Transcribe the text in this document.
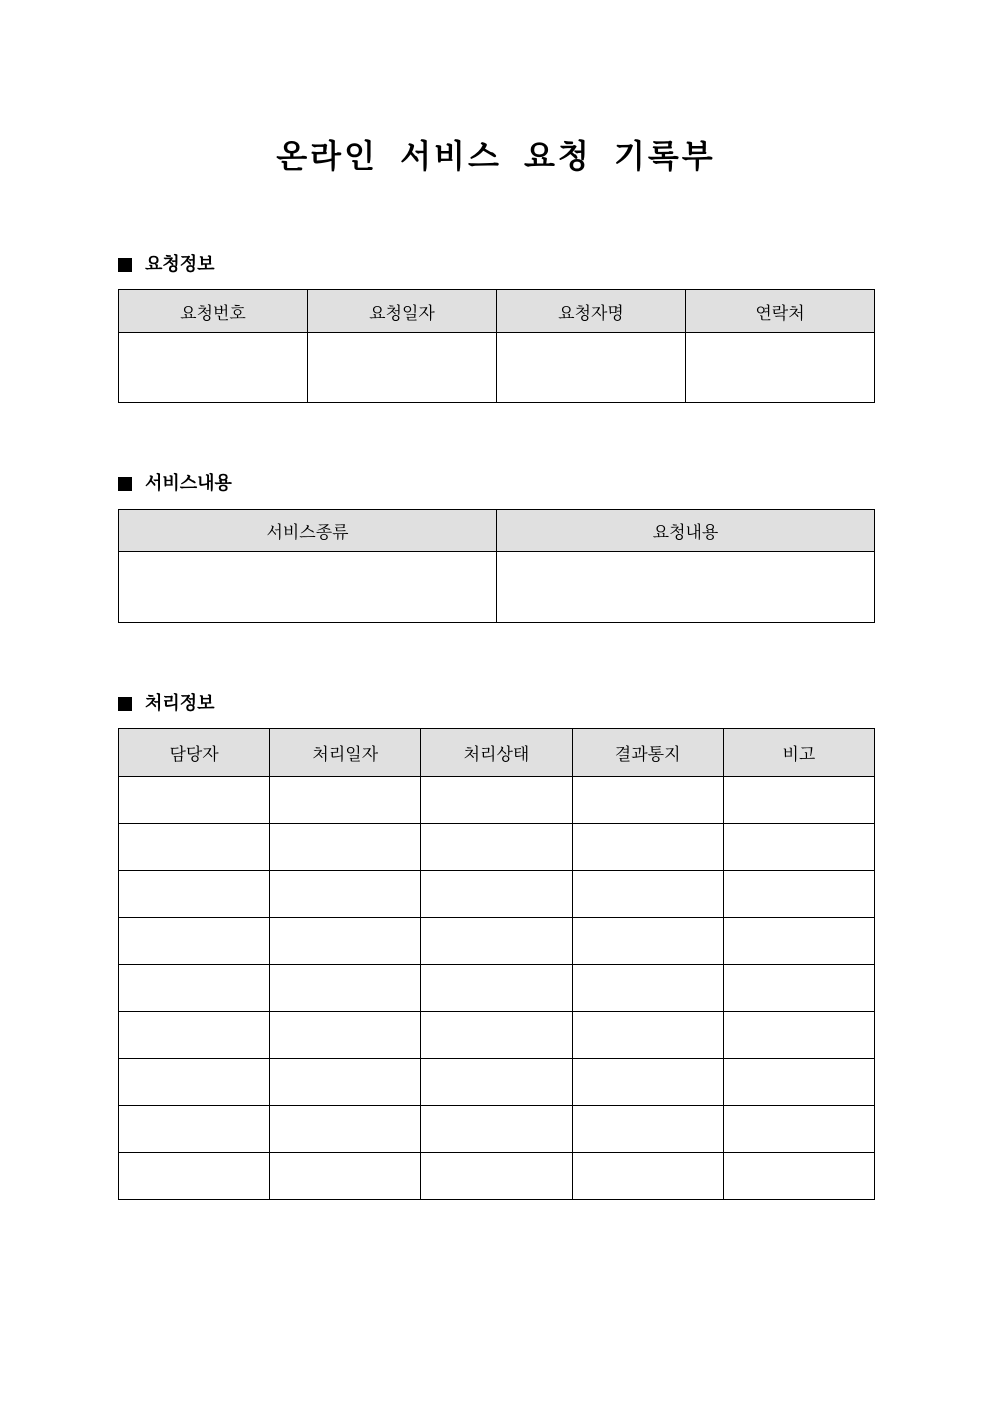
온라인 서비스 요청 기록부
요청정보
요청번호	요청일자	요청자명	연락처

서비스내용
서비스종류	요청내용

처리정보
담당자	처리일자	처리상태	결과통지	비고
